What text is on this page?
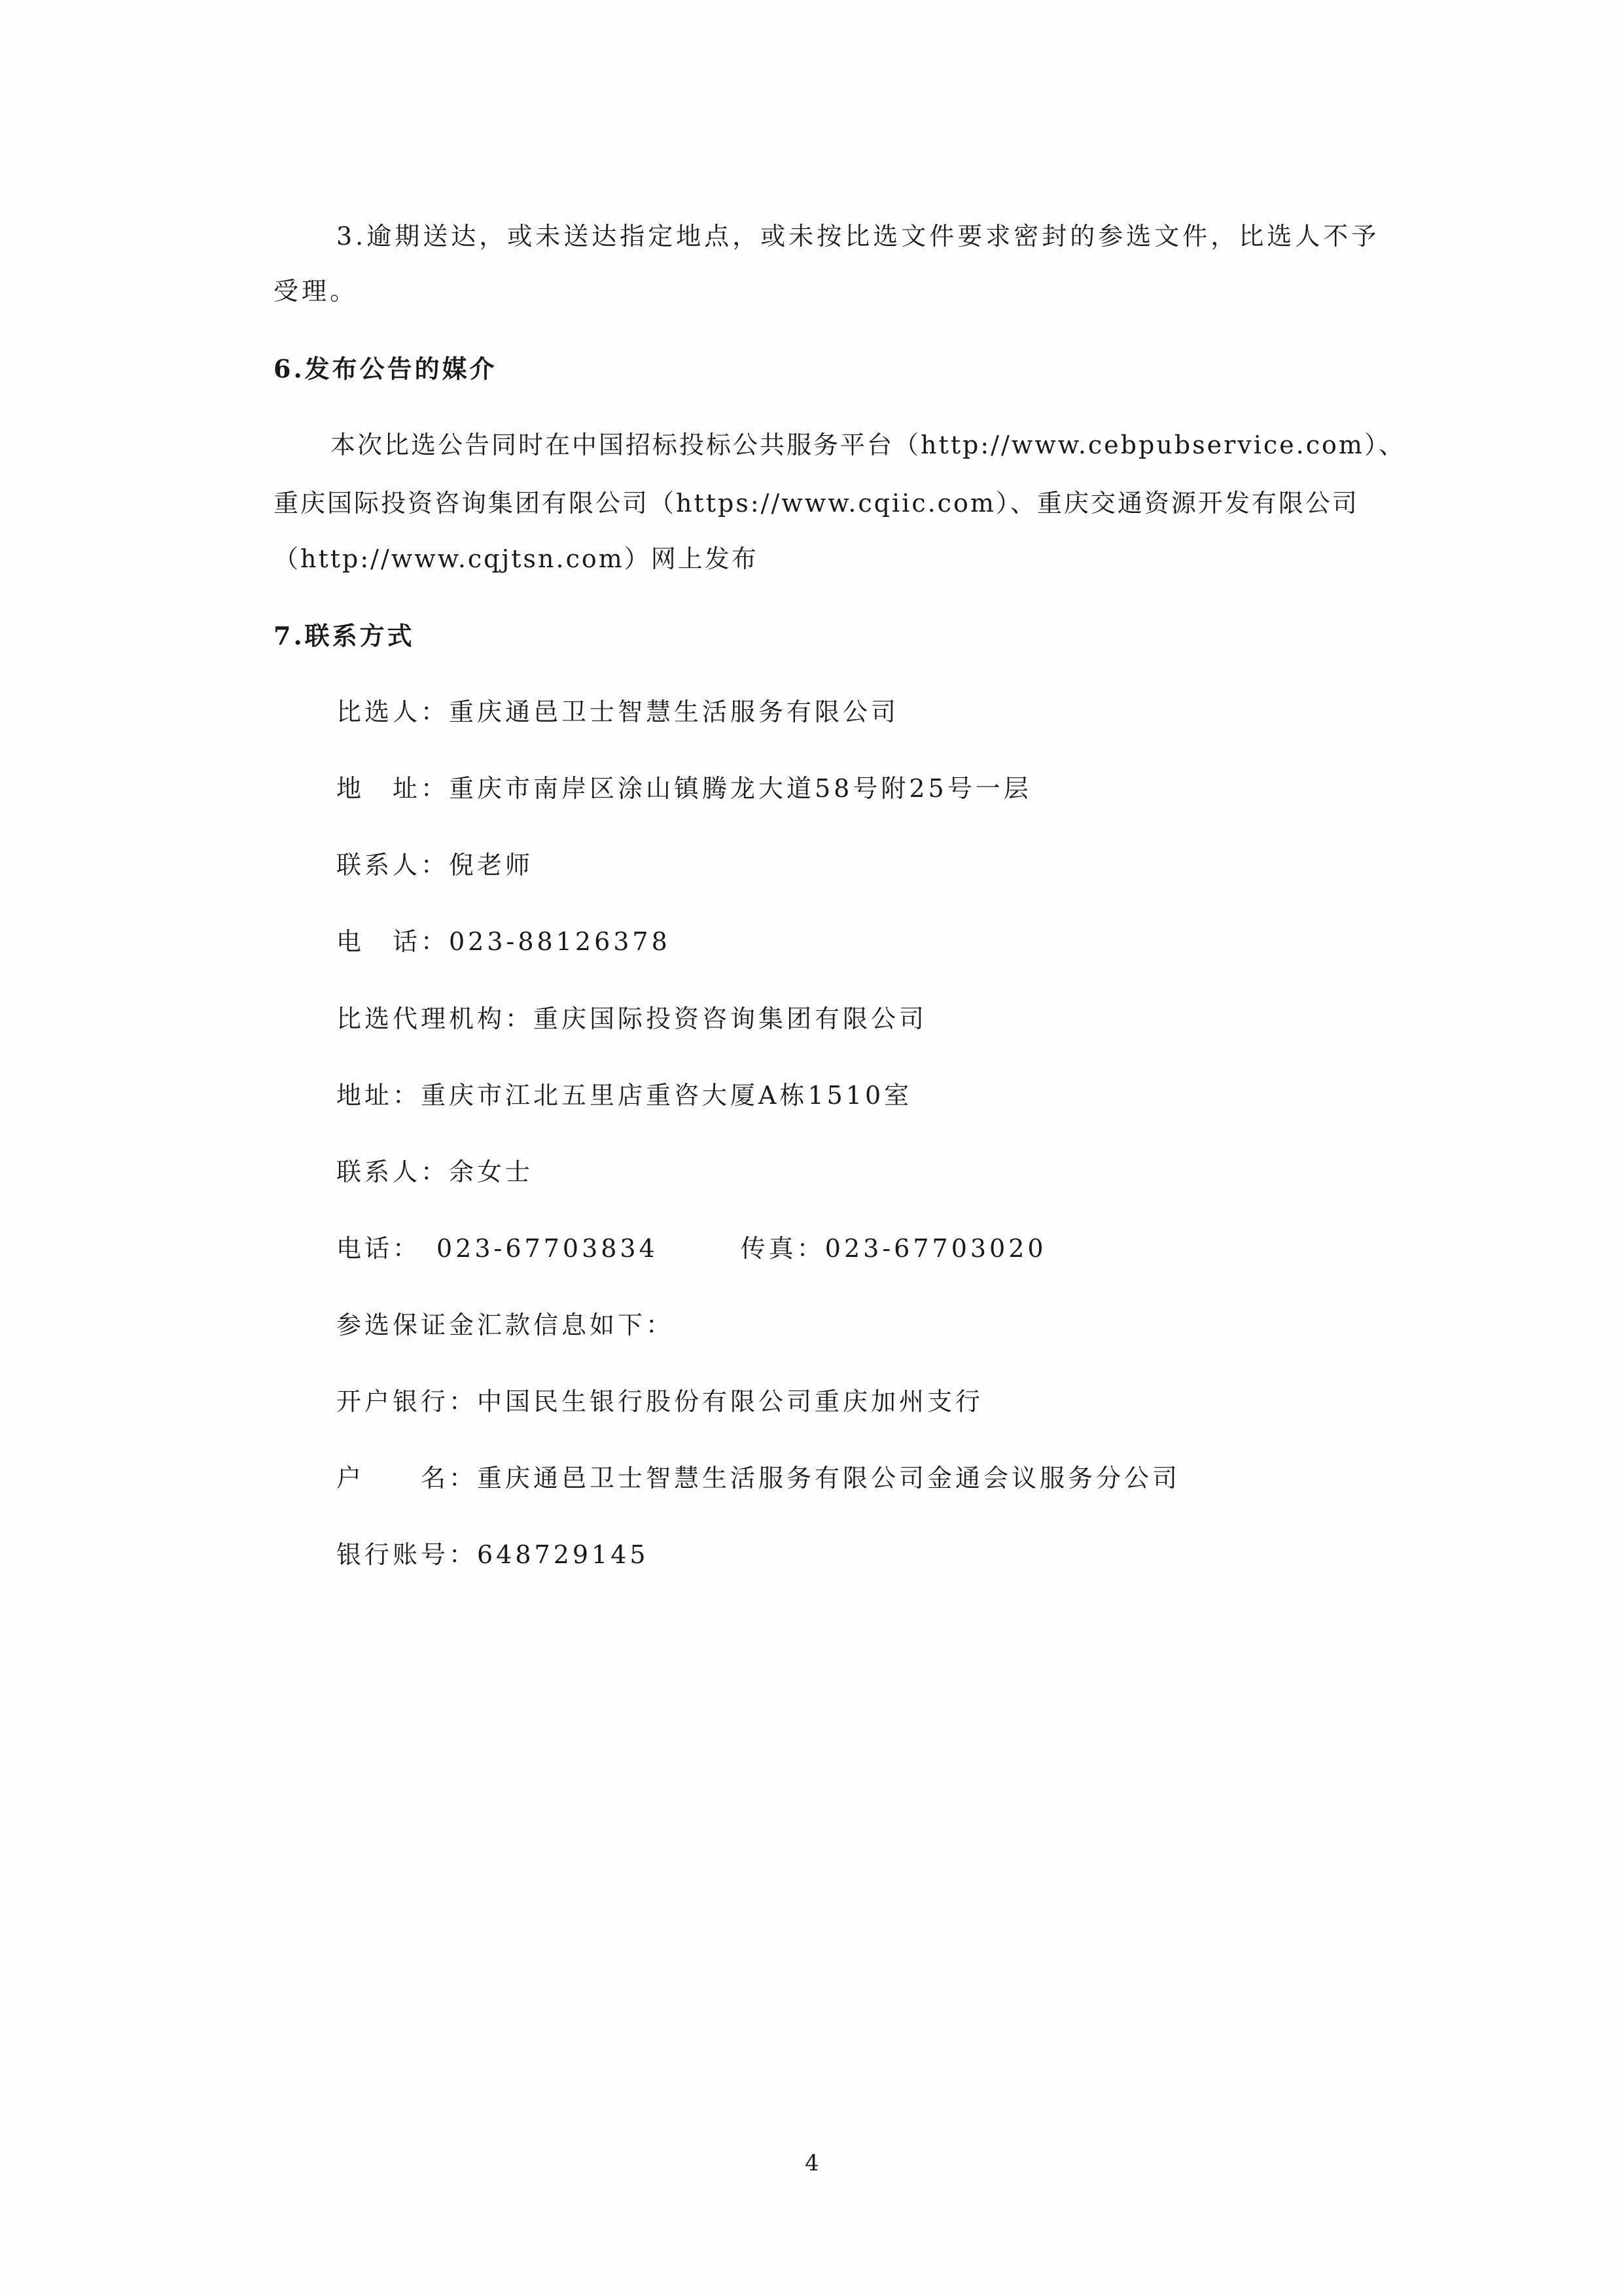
3.逾期送达，或未送达指定地点，或未按比选文件要求密封的参选文件，比选人不予
受理。
6.发布公告的媒介
本次比选公告同时在中国招标投标公共服务平台（http://www.cebpubservice.com）、
重庆国际投资咨询集团有限公司（https://www.cqiic.com）、重庆交通资源开发有限公司
（http://www.cqjtsn.com）网上发布
7.联系方式
比选人：重庆通邑卫士智慧生活服务有限公司
地　址：重庆市南岸区涂山镇腾龙大道58号附25号一层
联系人：倪老师
电　话：023-88126378
比选代理机构：重庆国际投资咨询集团有限公司
地址：重庆市江北五里店重咨大厦A栋1510室
联系人：余女士
电话：　023-67703834	传真：023-67703020
参选保证金汇款信息如下：
开户银行：中国民生银行股份有限公司重庆加州支行
户　　名：重庆通邑卫士智慧生活服务有限公司金通会议服务分公司
银行账号：648729145
4
